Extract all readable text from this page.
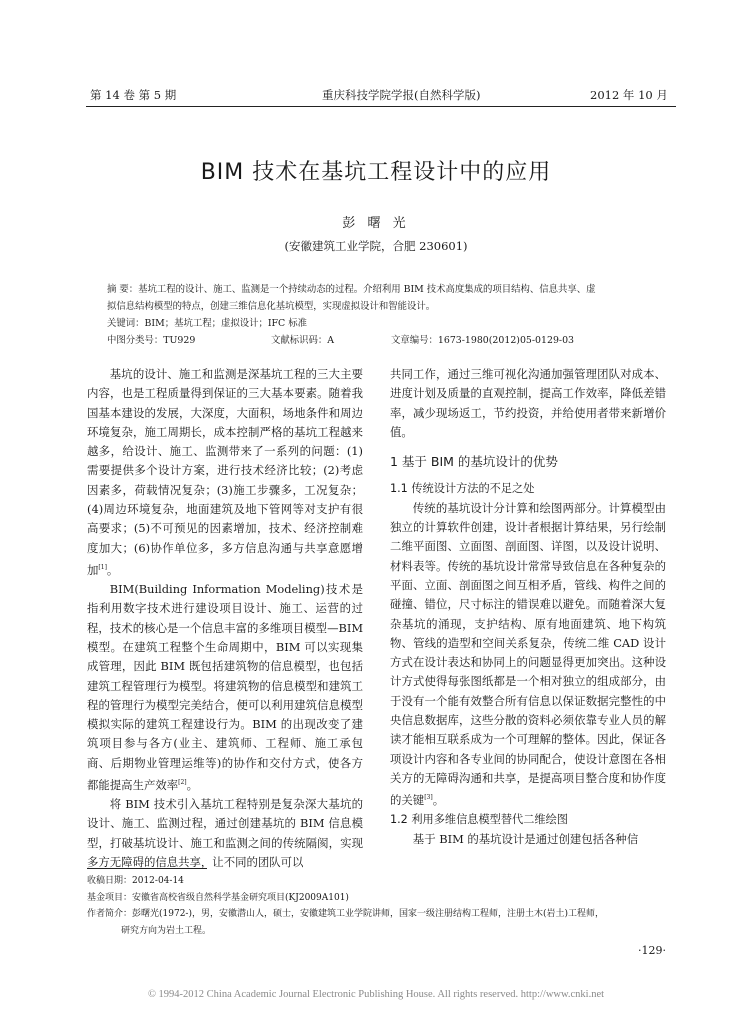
第 14 卷 第 5 期	重庆科技学院学报(自然科学版)	2012 年 10 月
BIM 技术在基坑工程设计中的应用
彭 曙 光
(安徽建筑工业学院，合肥 230601)
摘 要：基坑工程的设计、施工、监测是一个持续动态的过程。介绍利用 BIM 技术高度集成的项目结构、信息共享、虚
拟信息结构模型的特点，创建三维信息化基坑模型，实现虚拟设计和智能设计。
关键词：BIM；基坑工程；虚拟设计；IFC 标准
中图分类号：TU929	文献标识码：A	文章编号：1673-1980(2012)05-0129-03

基坑的设计、施工和监测是深基坑工程的三大主要内容，也是工程质量得到保证的三大基本要素。随着我国基本建设的发展，大深度，大面积，场地条件和周边环境复杂，施工周期长，成本控制严格的基坑工程越来越多，给设计、施工、监测带来了一系列的问题：(1)需要提供多个设计方案，进行技术经济比较；(2)考虑因素多，荷载情况复杂；(3)施工步骤多，工况复杂；(4)周边环境复杂，地面建筑及地下管网等对支护有很高要求；(5)不可预见的因素增加，技术、经济控制难度加大；(6)协作单位多，多方信息沟通与共享意愿增加[1]。

BIM(Building Information Modeling)技术是指利用数字技术进行建设项目设计、施工、运营的过程，技术的核心是一个信息丰富的多维项目模型—BIM 模型。在建筑工程整个生命周期中，BIM 可以实现集成管理，因此 BIM 既包括建筑物的信息模型，也包括建筑工程管理行为模型。将建筑物的信息模型和建筑工程的管理行为模型完美结合，便可以利用建筑信息模型模拟实际的建筑工程建设行为。BIM 的出现改变了建筑项目参与各方(业主、建筑师、工程师、施工承包商、后期物业管理运维等)的协作和交付方式，使各方都能提高生产效率[2]。

将 BIM 技术引入基坑工程特别是复杂深大基坑的设计、施工、监测过程，通过创建基坑的 BIM 信息模型，打破基坑设计、施工和监测之间的传统隔阂，实现多方无障碍的信息共享，让不同的团队可以

共同工作，通过三维可视化沟通加强管理团队对成本、进度计划及质量的直观控制，提高工作效率，降低差错率，减少现场返工，节约投资，并给使用者带来新增价值。

1 基于 BIM 的基坑设计的优势

1.1 传统设计方法的不足之处

传统的基坑设计分计算和绘图两部分。计算模型由独立的计算软件创建，设计者根据计算结果，另行绘制二维平面图、立面图、剖面图、详图，以及设计说明、材料表等。传统的基坑设计常常导致信息在各种复杂的平面、立面、剖面图之间互相矛盾，管线、构件之间的碰撞、错位，尺寸标注的错误难以避免。而随着深大复杂基坑的涌现，支护结构、原有地面建筑、地下构筑物、管线的造型和空间关系复杂，传统二维 CAD 设计方式在设计表达和协同上的问题显得更加突出。这种设计方式使得每张图纸都是一个相对独立的组成部分，由于没有一个能有效整合所有信息以保证数据完整性的中央信息数据库，这些分散的资料必须依靠专业人员的解读才能相互联系成为一个可理解的整体。因此，保证各项设计内容和各专业间的协同配合，使设计意图在各相关方的无障碍沟通和共享，是提高项目整合度和协作度的关键[3]。

1.2 利用多维信息模型替代二维绘图

基于 BIM 的基坑设计是通过创建包括各种信

收稿日期：2012-04-14
基金项目：安徽省高校省级自然科学基金研究项目(KJ2009A101)
作者简介：彭曙光(1972-)，男，安徽潜山人，硕士，安徽建筑工业学院讲师，国家一级注册结构工程师，注册土木(岩土)工程师，
研究方向为岩土工程。
·129·
© 1994-2012 China Academic Journal Electronic Publishing House. All rights reserved. http://www.cnki.net
